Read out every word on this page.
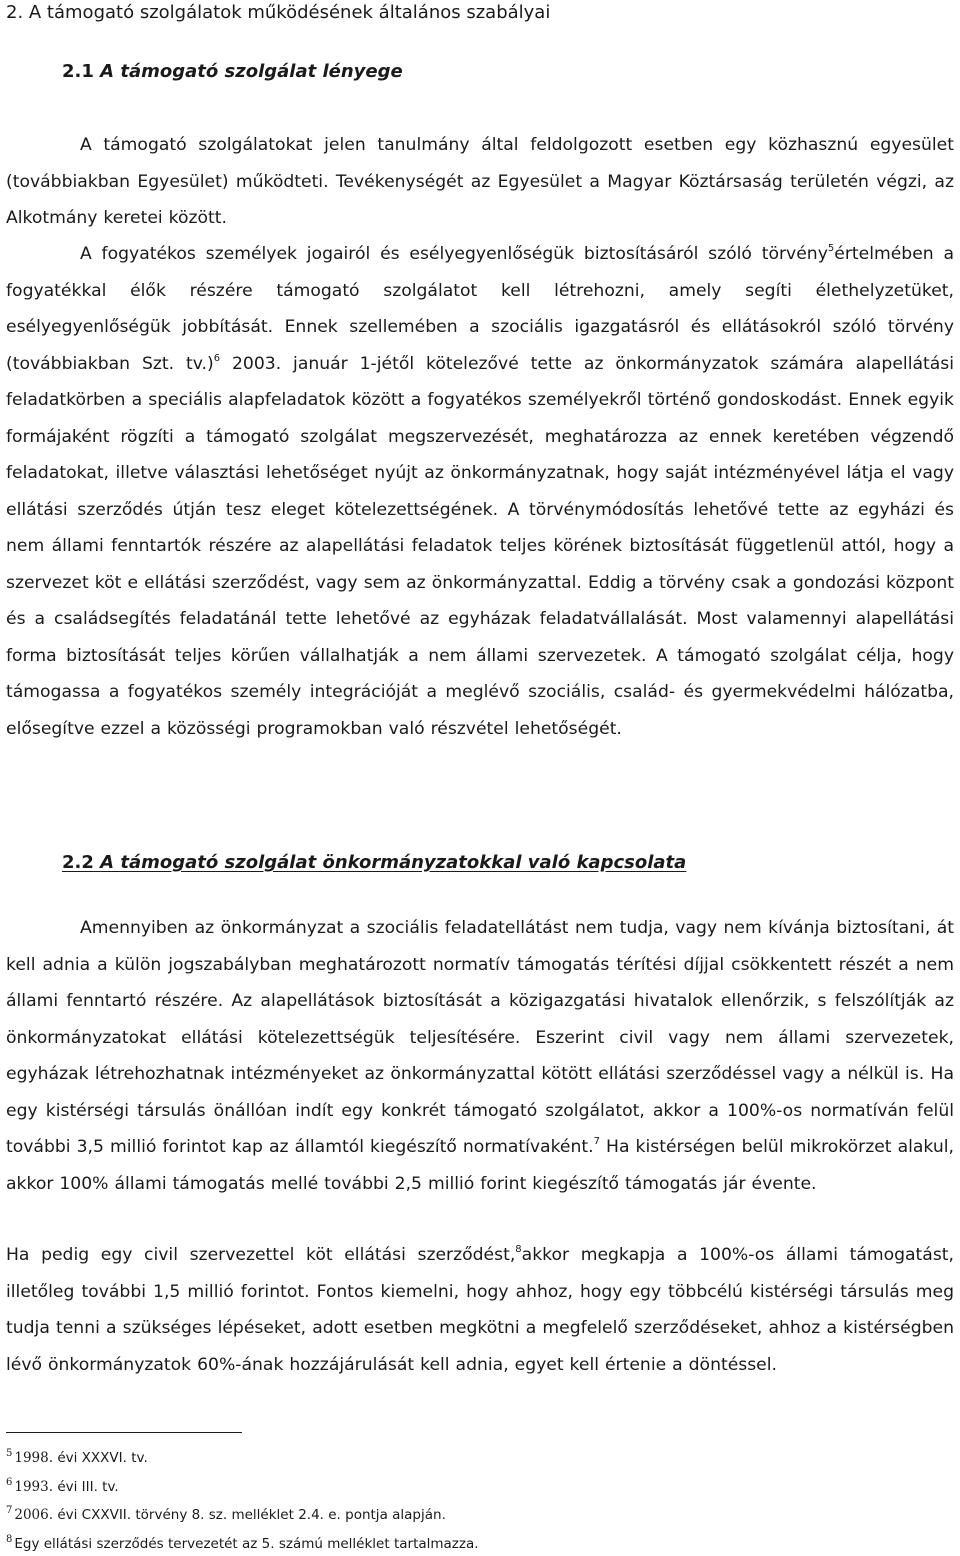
2. A támogató szolgálatok működésének általános szabályai
2.1 A támogató szolgálat lényege

A támogató szolgálatokat jelen tanulmány által feldolgozott esetben egy közhasznú egyesület (továbbiakban Egyesület) működteti. Tevékenységét az Egyesület a Magyar Köztársaság területén végzi, az Alkotmány keretei között.

A fogyatékos személyek jogairól és esélyegyenlőségük biztosításáról szóló törvény$^5$értelmében a fogyatékkal élők részére támogató szolgálatot kell létrehozni, amely segíti élethelyzetüket, esélyegyenlőségük jobbítását. Ennek szellemében a szociális igazgatásról és ellátásokról szóló törvény (továbbiakban Szt. tv.)$^6$ 2003. január 1-jétől kötelezővé tette az önkormányzatok számára alapellátási feladatkörben a speciális alapfeladatok között a fogyatékos személyekről történő gondoskodást. Ennek egyik formájaként rögzíti a támogató szolgálat megszervezését, meghatározza az ennek keretében végzendő feladatokat, illetve választási lehetőséget nyújt az önkormányzatnak, hogy saját intézményével látja el vagy ellátási szerződés útján tesz eleget kötelezettségének. A törvénymódosítás lehetővé tette az egyházi és nem állami fenntartók részére az alapellátási feladatok teljes körének biztosítását függetlenül attól, hogy a szervezet köt e ellátási szerződést, vagy sem az önkormányzattal. Eddig a törvény csak a gondozási központ és a családsegítés feladatánál tette lehetővé az egyházak feladatvállalását. Most valamennyi alapellátási forma biztosítását teljes körűen vállalhatják a nem állami szervezetek. A támogató szolgálat célja, hogy támogassa a fogyatékos személy integrációját a meglévő szociális, család- és gyermekvédelmi hálózatba, elősegítve ezzel a közösségi programokban való részvétel lehetőségét.

2.2 A támogató szolgálat önkormányzatokkal való kapcsolata

Amennyiben az önkormányzat a szociális feladatellátást nem tudja, vagy nem kívánja biztosítani, át kell adnia a külön jogszabályban meghatározott normatív támogatás térítési díjjal csökkentett részét a nem állami fenntartó részére. Az alapellátások biztosítását a közigazgatási hivatalok ellenőrzik, s felszólítják az önkormányzatokat ellátási kötelezettségük teljesítésére. Eszerint civil vagy nem állami szervezetek, egyházak létrehozhatnak intézményeket az önkormányzattal kötött ellátási szerződéssel vagy a nélkül is. Ha egy kistérségi társulás önállóan indít egy konkrét támogató szolgálatot, akkor a 100%-os normatíván felül további 3,5 millió forintot kap az államtól kiegészítő normatívaként.$^7$ Ha kistérségen belül mikrokörzet alakul, akkor 100% állami támogatás mellé további 2,5 millió forint kiegészítő támogatás jár évente.

Ha pedig egy civil szervezettel köt ellátási szerződést,$^8$akkor megkapja a 100%-os állami támogatást, illetőleg további 1,5 millió forintot. Fontos kiemelni, hogy ahhoz, hogy egy többcélú kistérségi társulás meg tudja tenni a szükséges lépéseket, adott esetben megkötni a megfelelő szerződéseket, ahhoz a kistérségben lévő önkormányzatok 60%-ának hozzájárulását kell adnia, egyet kell értenie a döntéssel.

$^5$ 1998. évi XXXVI. tv.
$^6$ 1993. évi III. tv.
$^7$ 2006. évi CXXVII. törvény 8. sz. melléklet 2.4. e. pontja alapján.
$^8$ Egy ellátási szerződés tervezetét az 5. számú melléklet tartalmazza.
